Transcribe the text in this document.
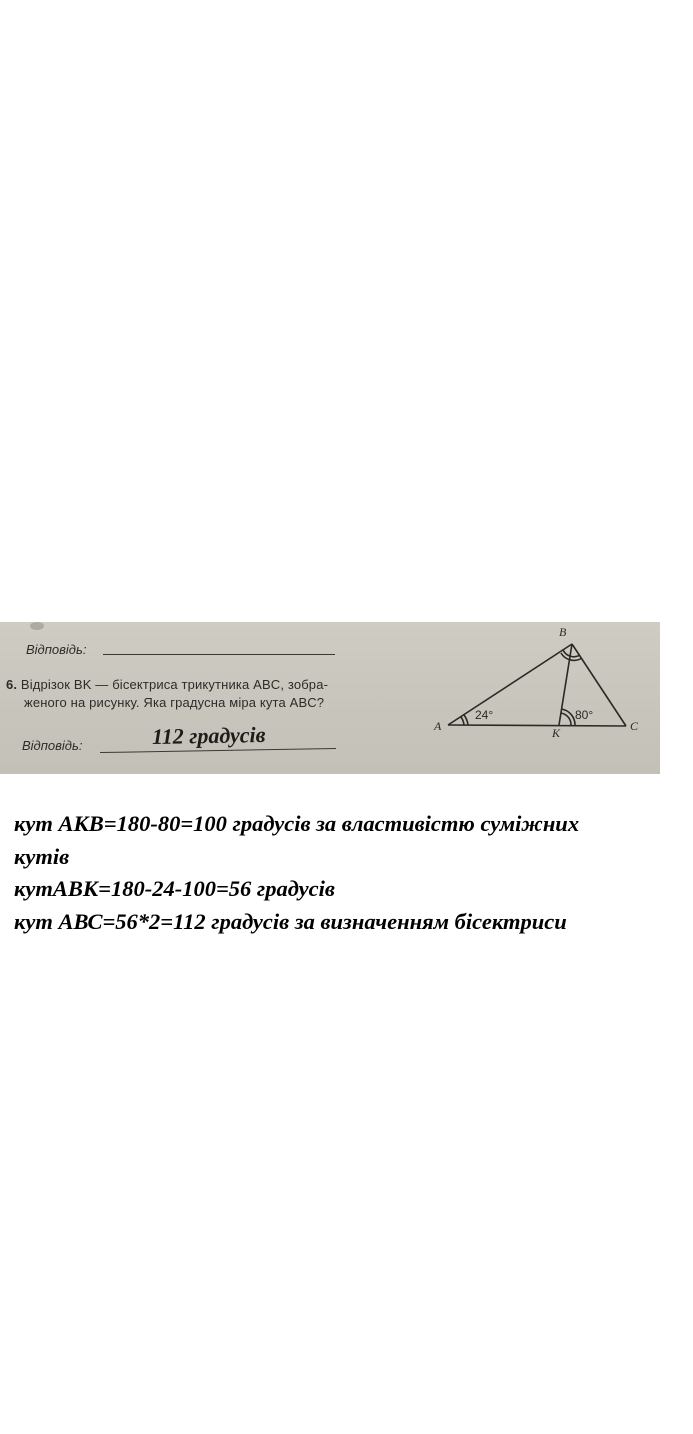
Відповідь:
6. Відрізок BK — бісектриса трикутника ABC, зобра-
женого на рисунку. Яка градусна міра кута ABC?
Відповідь:	112 градусів	A
B
C
K
24°	80°
кут АКВ=180-80=100 градусів за властивістю суміжних
кутів
кутАВК=180-24-100=56 градусів
кут АВС=56*2=112 градусів за визначенням бісектриси
